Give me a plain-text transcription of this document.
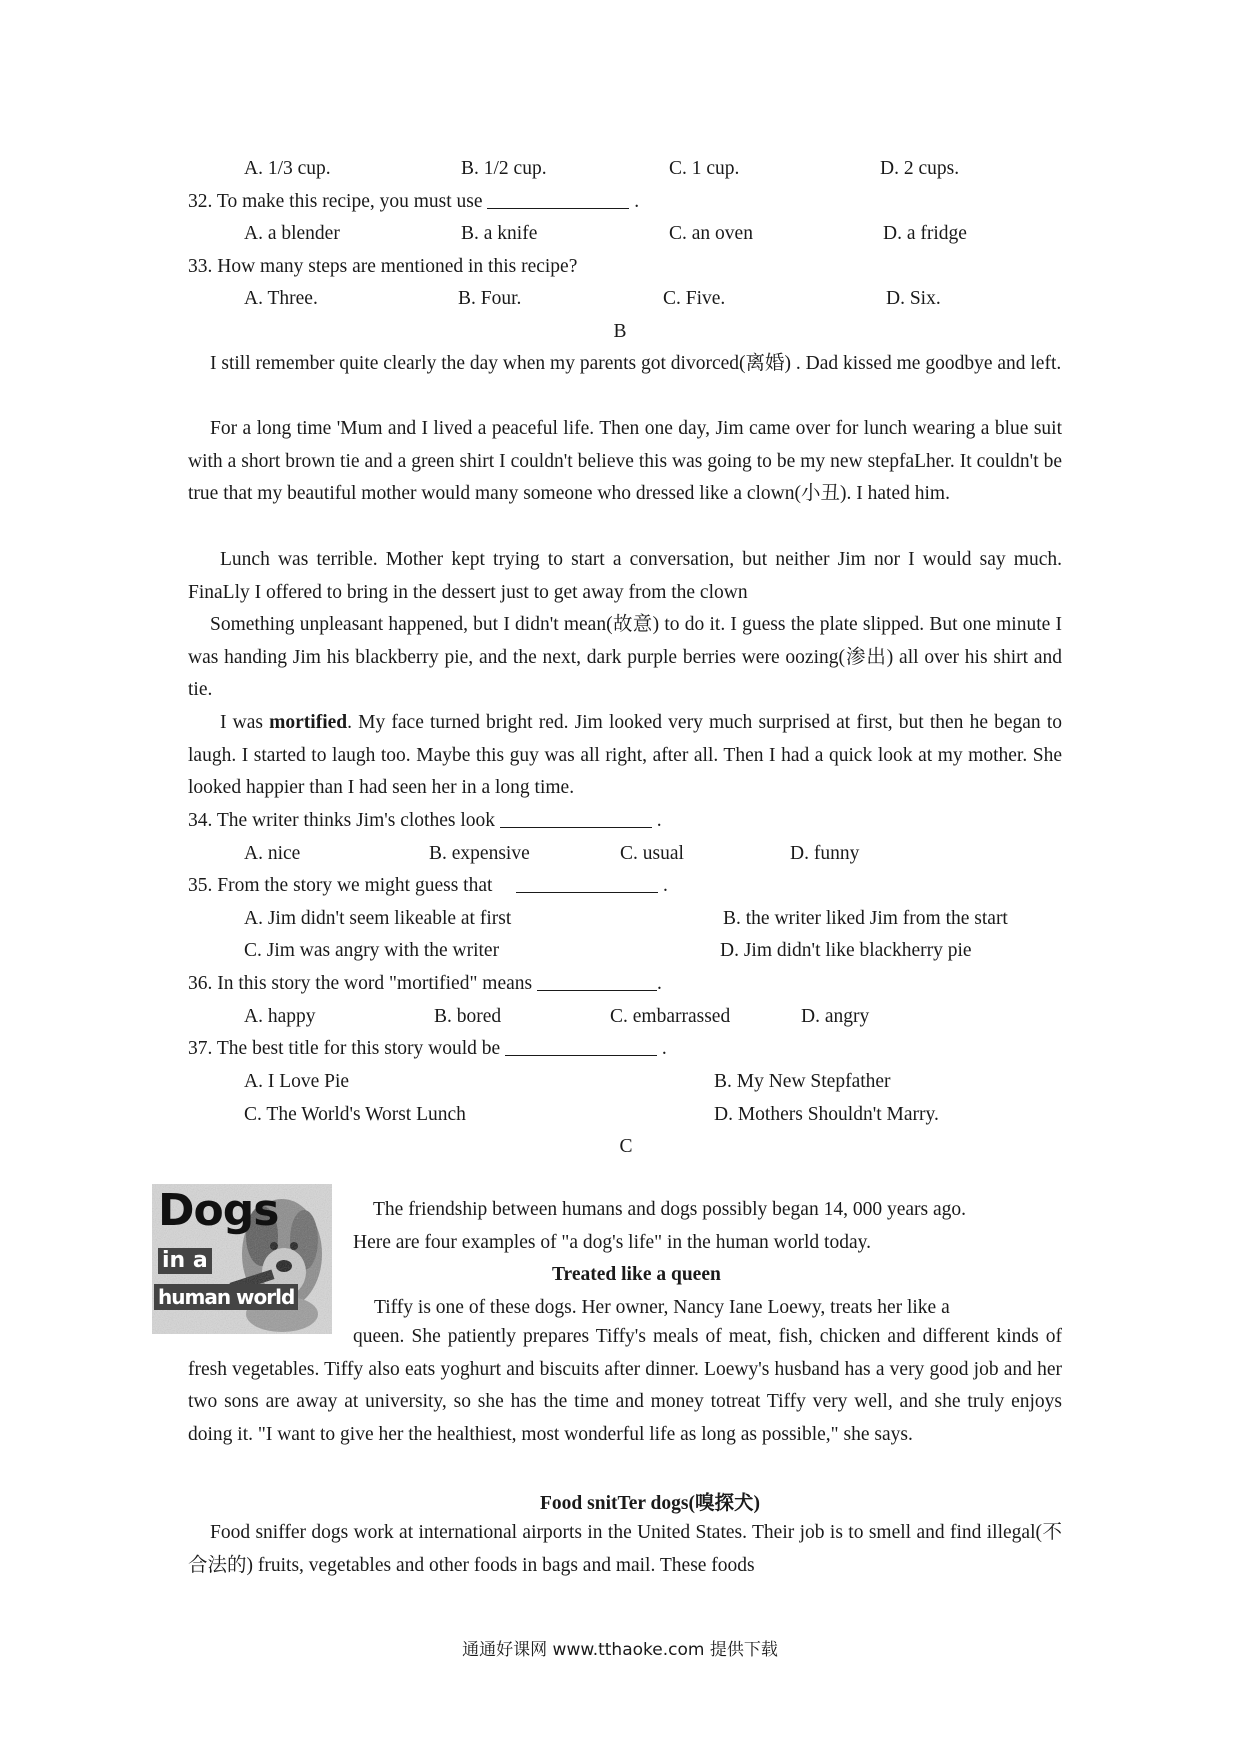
A. 1/3 cup.	B. 1/2 cup.	C. 1 cup.	D. 2 cups.
32. To make this recipe, you must use	.
A. a blender	B. a knife	C. an oven	D. a fridge
33. How many steps are mentioned in this recipe?
A. Three.	B. Four.	C. Five.	D. Six.
B
I still remember quite clearly the day when my parents got divorced(离婚) . Dad kissed me goodbye and left.
For a long time 'Mum and I lived a peaceful life. Then one day, Jim came over for lunch wearing a blue suit with a short brown tie and a green shirt I couldn't believe this was going to be my new stepfaLher. It couldn't be true that my beautiful mother would many someone who dressed like a clown(小丑). I hated him.
Lunch was terrible. Mother kept trying to start a conversation, but neither Jim nor I would say much. FinaLly I offered to bring in the dessert just to get away from the clown
Something unpleasant happened, but I didn't mean(故意) to do it. I guess the plate slipped. But one minute I was handing Jim his blackberry pie, and the next, dark purple berries were oozing(渗出) all over his shirt and tie.
I was mortified. My face turned bright red. Jim looked very much surprised at first, but then he began to laugh. I started to laugh too. Maybe this guy was all right, after all. Then I had a quick look at my mother. She looked happier than I had seen her in a long time.
34. The writer thinks Jim's clothes look	.
A. nice	B. expensive	C. usual	D. funny
35. From the story we might guess that	.
A. Jim didn't seem likeable at first	B. the writer liked Jim from the start
C. Jim was angry with the writer	D. Jim didn't like blackherry pie
36. In this story the word "mortified" means	.
A. happy	B. bored	C. embarrassed	D. angry
37. The best title for this story would be	.
A. I Love Pie	B. My New Stepfather
C. The World's Worst Lunch	D. Mothers Shouldn't Marry.
C
Dogs
in a
human world
The friendship between humans and dogs possibly began 14, 000 years ago.
Here are four examples of "a dog's life" in the human world today.
Treated like a queen
Tiffy is one of these dogs. Her owner, Nancy Iane Loewy, treats her like a
queen. She patiently prepares Tiffy's meals of meat, fish, chicken and different kinds of fresh vegetables. Tiffy also eats yoghurt and biscuits after dinner. Loewy's husband has a very good job and her two sons are away at university, so she has the time and money totreat Tiffy very well, and she truly enjoys doing it. "I want to give her the healthiest, most wonderful life as long as possible," she says.
Food snitTer dogs(嗅探犬)
Food sniffer dogs work at international airports in the United States. Their job is to smell and find illegal(不合法的) fruits, vegetables and other foods in bags and mail. These foods
通通好课网 www.tthaoke.com 提供下载
